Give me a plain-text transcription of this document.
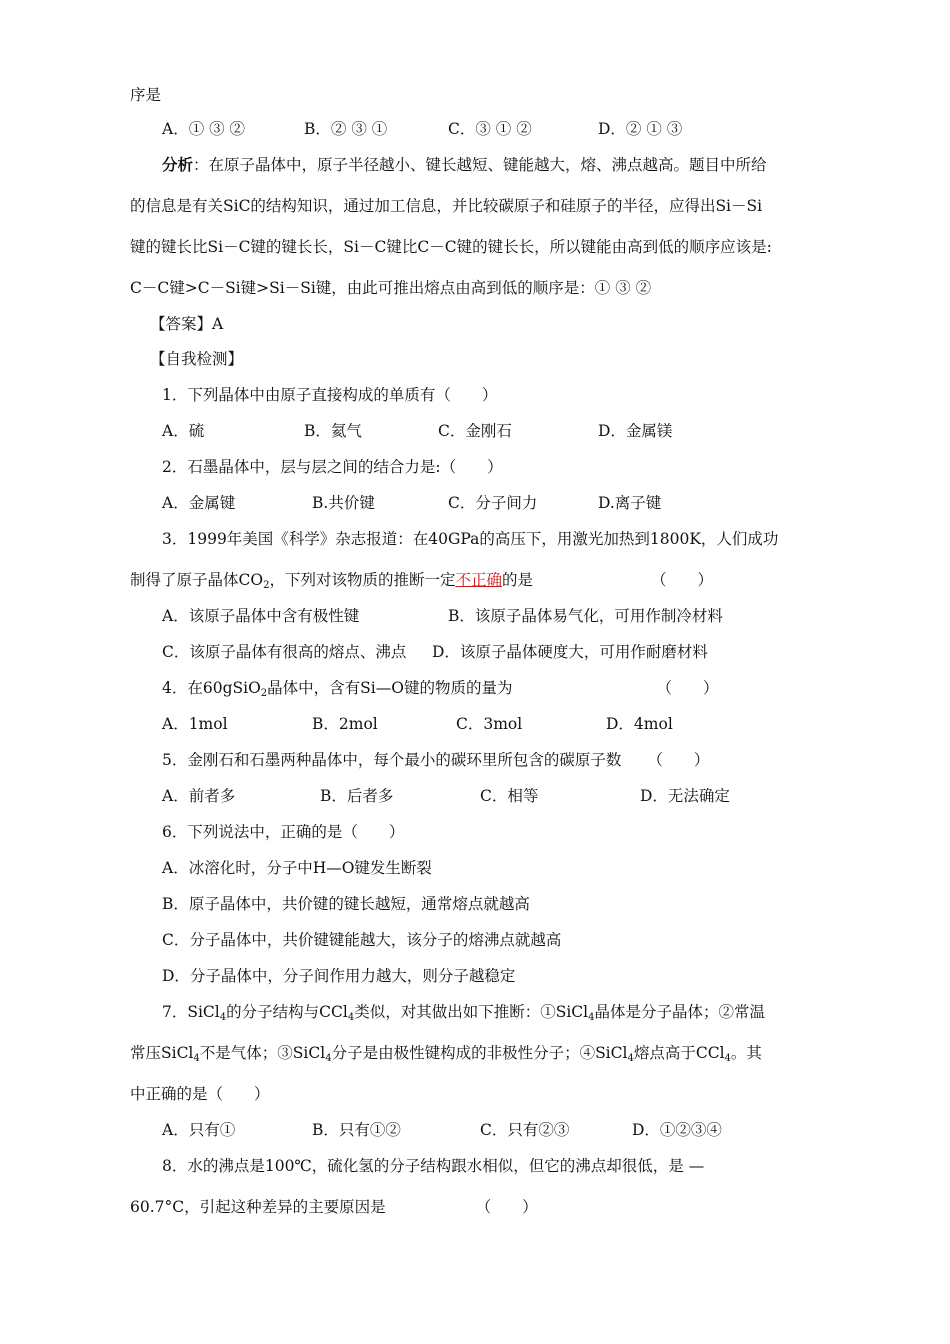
序是
A．① ③ ②	B．② ③ ①	C．③ ① ②	D．② ① ③
分析：在原子晶体中，原子半径越小、键长越短、键能越大，熔、沸点越高。题目中所给
的信息是有关SiC的结构知识，通过加工信息，并比较碳原子和硅原子的半径，应得出Si－Si
键的键长比Si－C键的键长长，Si－C键比C－C键的键长长，所以键能由高到低的顺序应该是:
C－C键>C－Si键>Si－Si键，由此可推出熔点由高到低的顺序是：① ③ ②
【答案】A
【自我检测】
1．下列晶体中由原子直接构成的单质有（　　）
A．硫	B．氦气	C．金刚石	D．金属镁
2．石墨晶体中，层与层之间的结合力是:（　　）
A．金属键	B.共价键	C．分子间力	D.离子键
3．1999年美国《科学》杂志报道：在40GPa的高压下，用激光加热到1800K，人们成功
制得了原子晶体$CO_2$，下列对该物质的推断一定不正确的是	（　　）
A．该原子晶体中含有极性键	B．该原子晶体易气化，可用作制冷材料
C．该原子晶体有很高的熔点、沸点 D．该原子晶体硬度大，可用作耐磨材料
4．在60gSiO$_2$晶体中，含有Si—O键的物质的量为	（　　）
A．1mol	B．2mol	C．3mol	D．4mol
5．金刚石和石墨两种晶体中，每个最小的碳环里所包含的碳原子数 （　　）
A．前者多	B．后者多	C．相等	D．无法确定
6．下列说法中，正确的是（　　）
A．冰溶化时，分子中H—O键发生断裂
B．原子晶体中，共价键的键长越短，通常熔点就越高
C．分子晶体中，共价键键能越大，该分子的熔沸点就越高
D．分子晶体中，分子间作用力越大，则分子越稳定
7．SiCl$_4$的分子结构与CCl$_4$类似，对其做出如下推断：①SiCl$_4$晶体是分子晶体；②常温
常压SiCl$_4$不是气体；③SiCl$_4$分子是由极性键构成的非极性分子；④SiCl$_4$熔点高于CCl$_4$。其
中正确的是（　　）
A．只有①	B．只有①②	C．只有②③	D．①②③④
8．水的沸点是100℃，硫化氢的分子结构跟水相似，但它的沸点却很低，是 —
60.7°C，引起这种差异的主要原因是	（　　）
